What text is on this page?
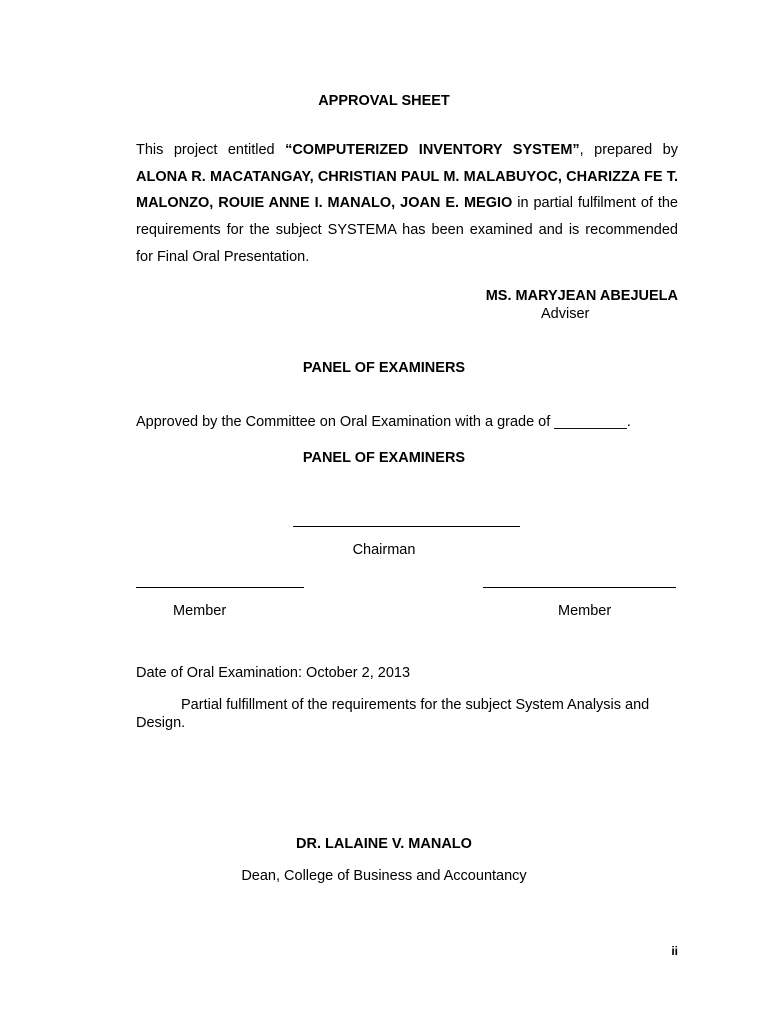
APPROVAL SHEET
This project entitled “COMPUTERIZED INVENTORY SYSTEM”, prepared by ALONA R. MACATANGAY, CHRISTIAN PAUL M. MALABUYOC, CHARIZZA FE T. MALONZO, ROUIE ANNE I. MANALO, JOAN E. MEGIO in partial fulfilment of the requirements for the subject SYSTEMA has been examined and is recommended for Final Oral Presentation.
MS. MARYJEAN ABEJUELA
Adviser
PANEL OF EXAMINERS
Approved by the Committee on Oral Examination with a grade of _________.
PANEL OF EXAMINERS
Chairman
Member	Member
Date of Oral Examination: October 2, 2013
Partial fulfillment of the requirements for the subject System Analysis and Design.
DR. LALAINE V. MANALO
Dean, College of Business and Accountancy
ii
